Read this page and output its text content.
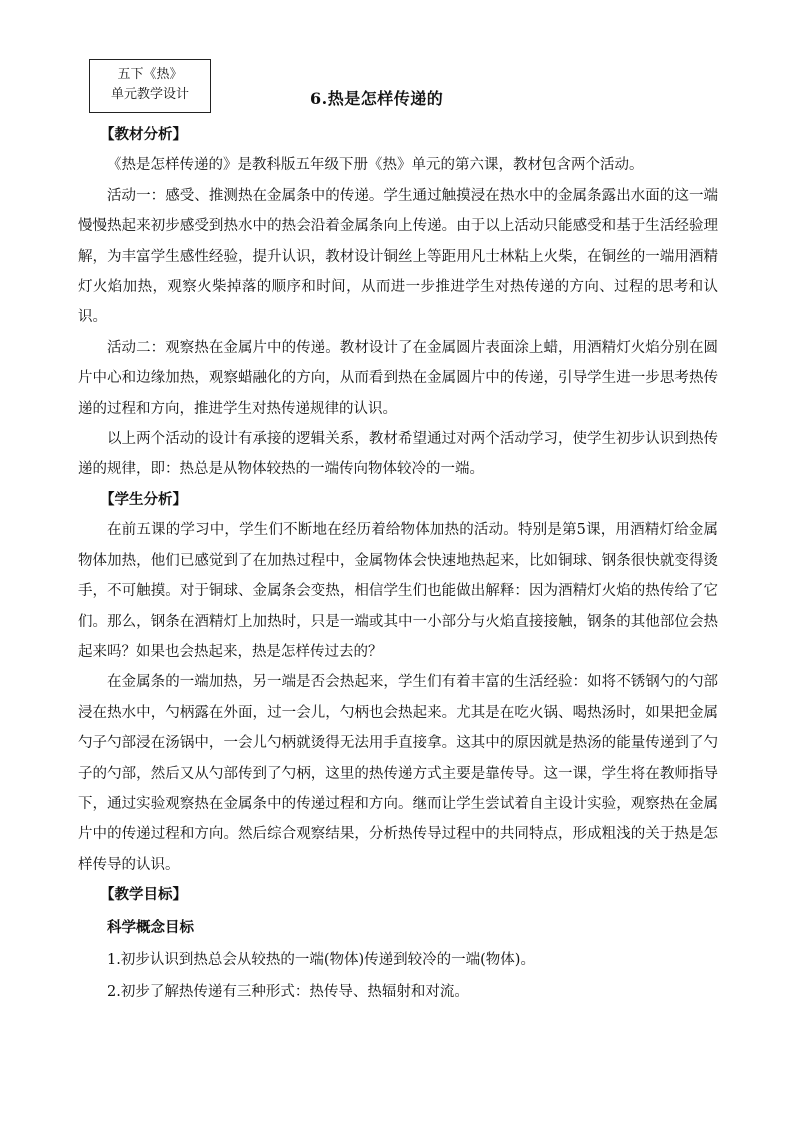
五下《热》
单元教学设计	6.热是怎样传递的
【教材分析】

《热是怎样传递的》是教科版五年级下册《热》单元的第六课，教材包含两个活动。

活动一：感受、推测热在金属条中的传递。学生通过触摸浸在热水中的金属条露出水面的这一端慢慢热起来初步感受到热水中的热会沿着金属条向上传递。由于以上活动只能感受和基于生活经验理解，为丰富学生感性经验，提升认识，教材设计铜丝上等距用凡士林粘上火柴，在铜丝的一端用酒精灯火焰加热，观察火柴掉落的顺序和时间，从而进一步推进学生对热传递的方向、过程的思考和认识。

活动二：观察热在金属片中的传递。教材设计了在金属圆片表面涂上蜡，用酒精灯火焰分别在圆片中心和边缘加热，观察蜡融化的方向，从而看到热在金属圆片中的传递，引导学生进一步思考热传递的过程和方向，推进学生对热传递规律的认识。

以上两个活动的设计有承接的逻辑关系，教材希望通过对两个活动学习，使学生初步认识到热传递的规律，即：热总是从物体较热的一端传向物体较冷的一端。

【学生分析】

在前五课的学习中，学生们不断地在经历着给物体加热的活动。特别是第5课，用酒精灯给金属物体加热，他们已感觉到了在加热过程中，金属物体会快速地热起来，比如铜球、钢条很快就变得烫手，不可触摸。对于铜球、金属条会变热，相信学生们也能做出解释：因为酒精灯火焰的热传给了它们。那么，钢条在酒精灯上加热时，只是一端或其中一小部分与火焰直接接触，钢条的其他部位会热起来吗？如果也会热起来，热是怎样传过去的？

在金属条的一端加热，另一端是否会热起来，学生们有着丰富的生活经验：如将不锈钢勺的勺部浸在热水中，勺柄露在外面，过一会儿，勺柄也会热起来。尤其是在吃火锅、喝热汤时，如果把金属勺子勺部浸在汤锅中，一会儿勺柄就烫得无法用手直接拿。这其中的原因就是热汤的能量传递到了勺子的勺部，然后又从勺部传到了勺柄，这里的热传递方式主要是靠传导。这一课，学生将在教师指导下，通过实验观察热在金属条中的传递过程和方向。继而让学生尝试着自主设计实验，观察热在金属片中的传递过程和方向。然后综合观察结果，分析热传导过程中的共同特点，形成粗浅的关于热是怎样传导的认识。

【教学目标】
科学概念目标
1.初步认识到热总会从较热的一端(物体)传递到较冷的一端(物体)。
2.初步了解热传递有三种形式：热传导、热辐射和对流。
